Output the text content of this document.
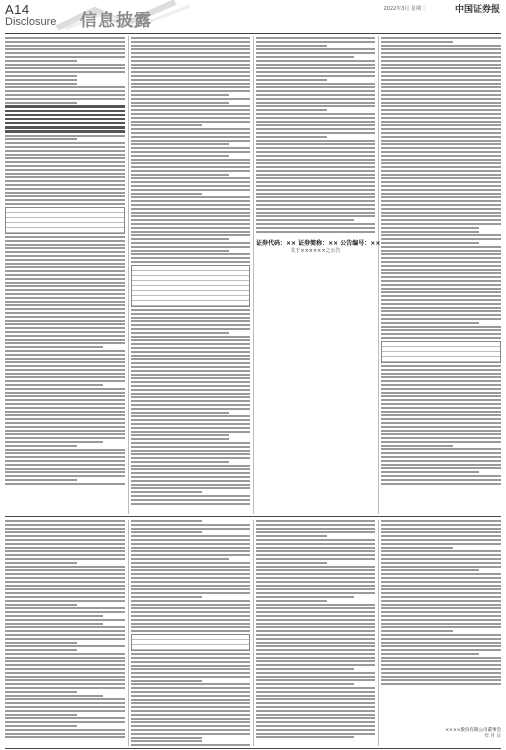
A14
Disclosure 信息披露
2022年3月 星期二	中国证券报
证券代码：×× 证券简称：×× 公告编号：××
关于××××××之公告
××××股份有限公司董事会
年 月 日
